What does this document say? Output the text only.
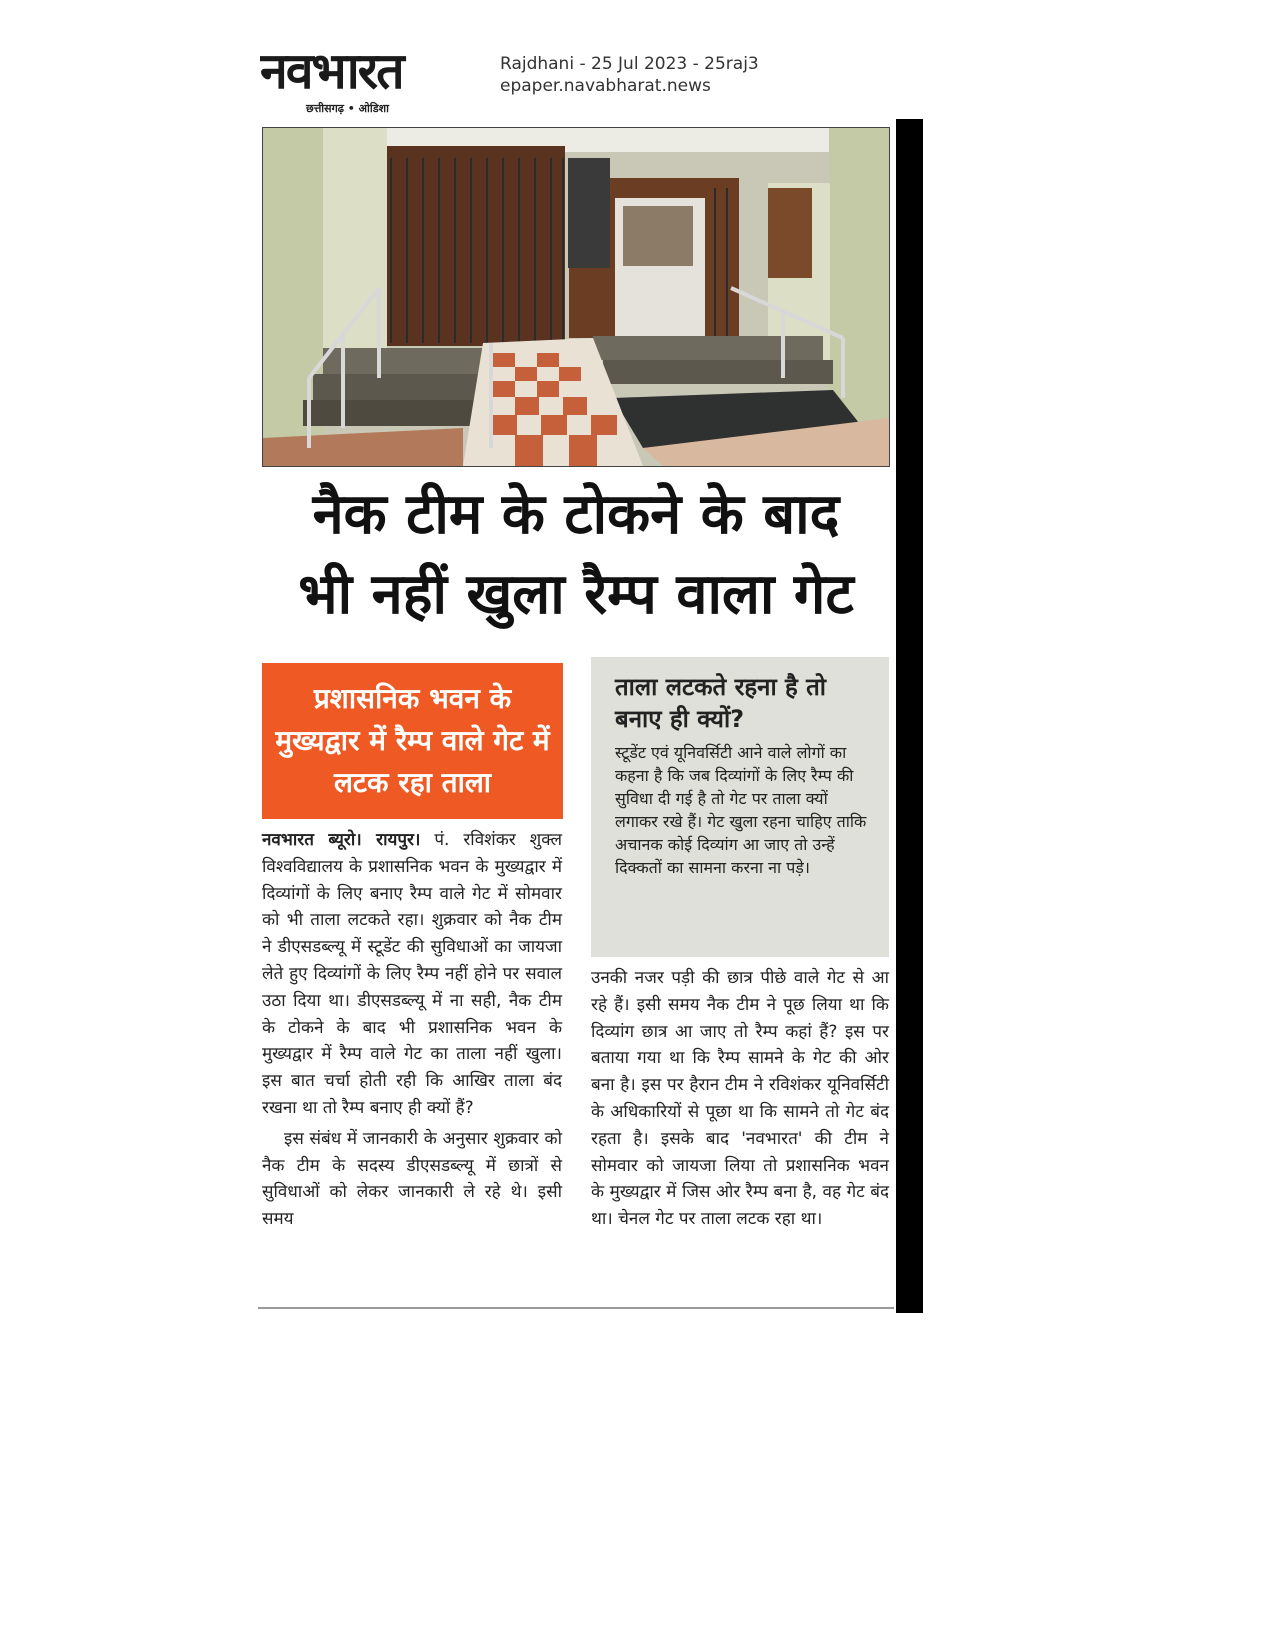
नवभारत
छत्तीसगढ़ • ओडिशा
Rajdhani - 25 Jul 2023 - 25raj3
epaper.navabharat.news
नैक टीम के टोकने के बाद
भी नहीं खुला रैम्प वाला गेट
प्रशासनिक भवन के मुख्यद्वार में रैम्प वाले गेट में लटक रहा ताला
ताला लटकते रहना है तो बनाए ही क्यों?

स्टूडेंट एवं यूनिवर्सिटी आने वाले लोगों का कहना है कि जब दिव्यांगों के लिए रैम्प की सुविधा दी गई है तो गेट पर ताला क्यों लगाकर रखे हैं। गेट खुला रहना चाहिए ताकि अचानक कोई दिव्यांग आ जाए तो उन्हें दिक्कतों का सामना करना ना पड़े।

नवभारत ब्यूरो। रायपुर। पं. रविशंकर शुक्ल विश्वविद्यालय के प्रशासनिक भवन के मुख्यद्वार में दिव्यांगों के लिए बनाए रैम्प वाले गेट में सोमवार को भी ताला लटकते रहा। शुक्रवार को नैक टीम ने डीएसडब्ल्यू में स्टूडेंट की सुविधाओं का जायजा लेते हुए दिव्यांगों के लिए रैम्प नहीं होने पर सवाल उठा दिया था। डीएसडब्ल्यू में ना सही, नैक टीम के टोकने के बाद भी प्रशासनिक भवन के मुख्यद्वार में रैम्प वाले गेट का ताला नहीं खुला। इस बात चर्चा होती रही कि आखिर ताला बंद रखना था तो रैम्प बनाए ही क्यों हैं?

इस संबंध में जानकारी के अनुसार शुक्रवार को नैक टीम के सदस्य डीएसडब्ल्यू में छात्रों से सुविधाओं को लेकर जानकारी ले रहे थे। इसी समय

उनकी नजर पड़ी की छात्र पीछे वाले गेट से आ रहे हैं। इसी समय नैक टीम ने पूछ लिया था कि दिव्यांग छात्र आ जाए तो रैम्प कहां हैं? इस पर बताया गया था कि रैम्प सामने के गेट की ओर बना है। इस पर हैरान टीम ने रविशंकर यूनिवर्सिटी के अधिकारियों से पूछा था कि सामने तो गेट बंद रहता है। इसके बाद 'नवभारत' की टीम ने सोमवार को जायजा लिया तो प्रशासनिक भवन के मुख्यद्वार में जिस ओर रैम्प बना है, वह गेट बंद था। चेनल गेट पर ताला लटक रहा था।
